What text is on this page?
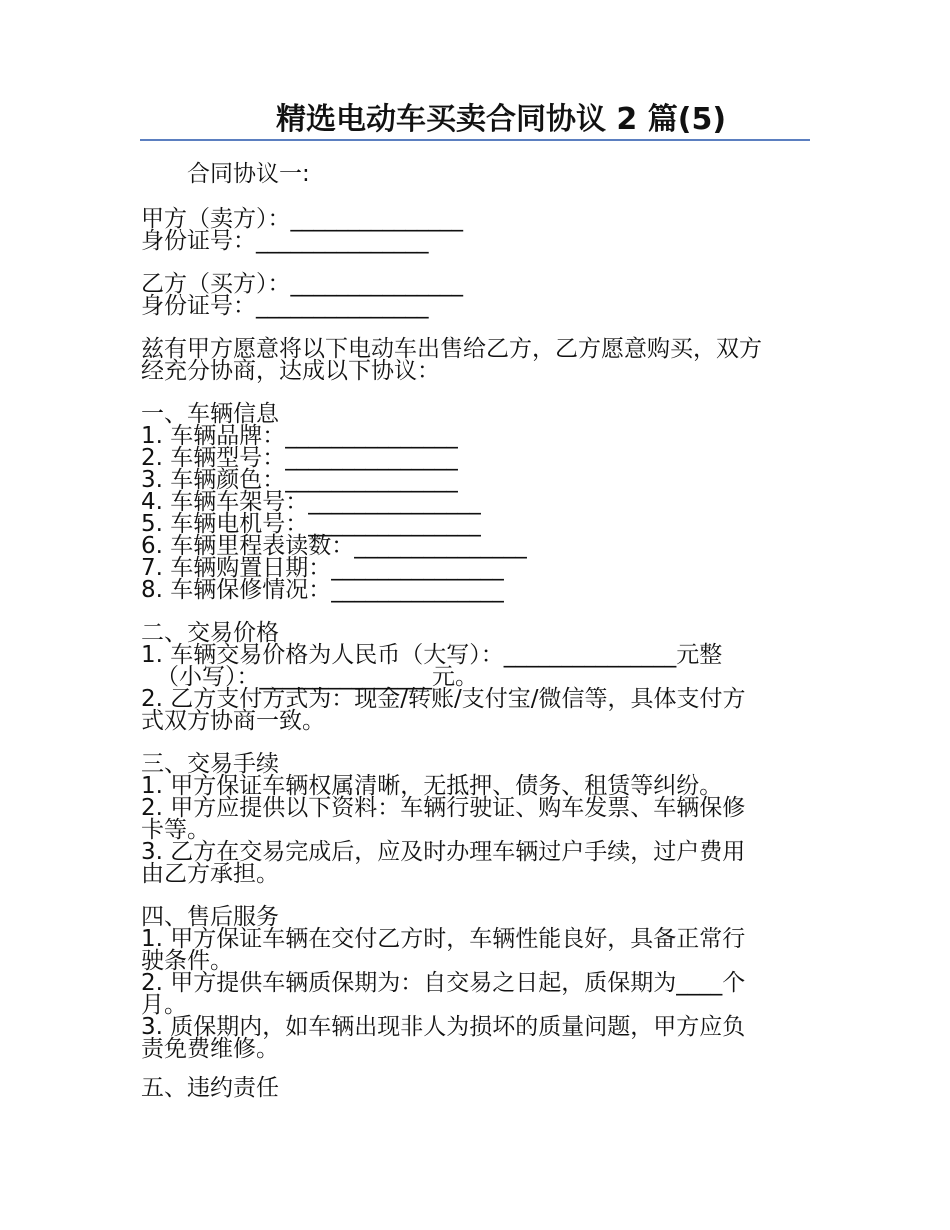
精选电动车买卖合同协议 2 篇(5)
合同协议一:
甲方（卖方）：_______________
身份证号：_______________
乙方（买方）：_______________
身份证号：_______________
兹有甲方愿意将以下电动车出售给乙方，乙方愿意购买，双方
经充分协商，达成以下协议：
一、车辆信息
1. 车辆品牌：_______________
2. 车辆型号：_______________
3. 车辆颜色：_______________
4. 车辆车架号：_______________
5. 车辆电机号：_______________
6. 车辆里程表读数：_______________
7. 车辆购置日期：_______________
8. 车辆保修情况：_______________
二、交易价格
1. 车辆交易价格为人民币（大写）：_______________元整
（小写）：_______________元。
2. 乙方支付方式为：现金/转账/支付宝/微信等，具体支付方
式双方协商一致。
三、交易手续
1. 甲方保证车辆权属清晰，无抵押、债务、租赁等纠纷。
2. 甲方应提供以下资料：车辆行驶证、购车发票、车辆保修
卡等。
3. 乙方在交易完成后，应及时办理车辆过户手续，过户费用
由乙方承担。
四、售后服务
1. 甲方保证车辆在交付乙方时，车辆性能良好，具备正常行
驶条件。
2. 甲方提供车辆质保期为：自交易之日起，质保期为____个
月。
3. 质保期内，如车辆出现非人为损坏的质量问题，甲方应负
责免费维修。
五、违约责任
